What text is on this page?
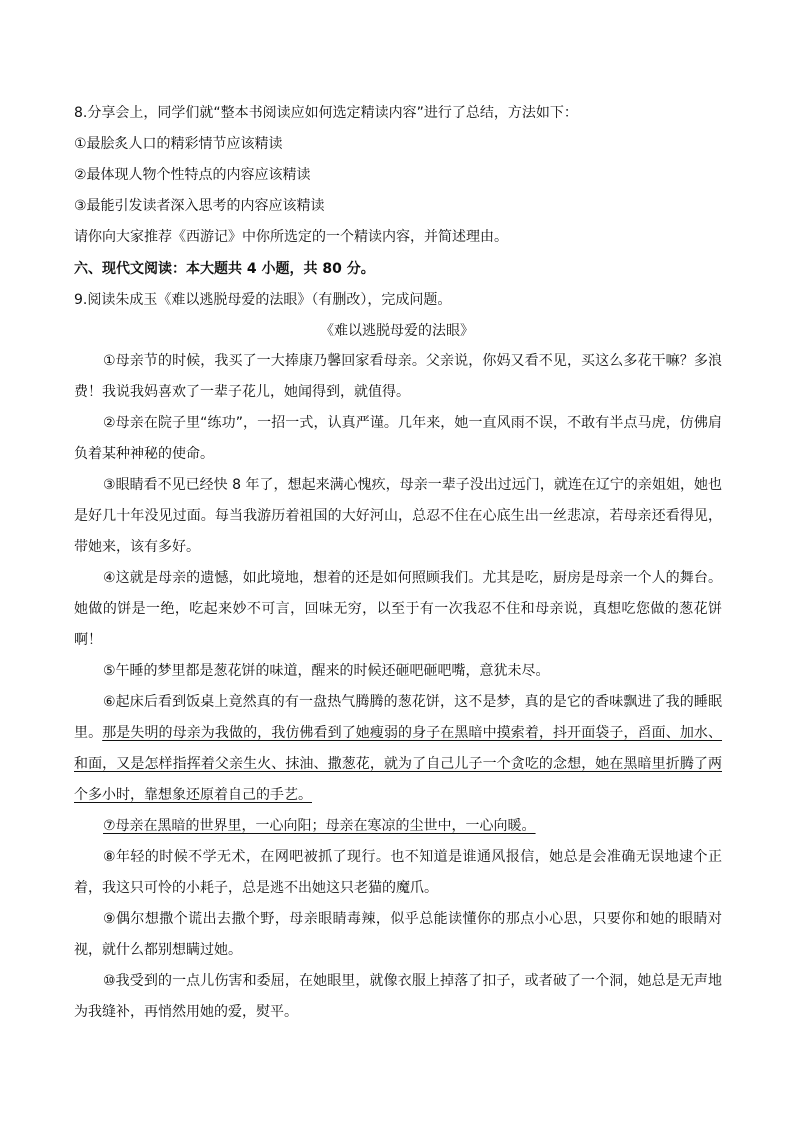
8.分享会上，同学们就“整本书阅读应如何选定精读内容”进行了总结，方法如下：
①最脍炙人口的精彩情节应该精读
②最体现人物个性特点的内容应该精读
③最能引发读者深入思考的内容应该精读
请你向大家推荐《西游记》中你所选定的一个精读内容，并简述理由。
六、现代文阅读：本大题共 4 小题，共 80 分。
9.阅读朱成玉《难以逃脱母爱的法眼》（有删改），完成问题。
《难以逃脱母爱的法眼》
①母亲节的时候，我买了一大捧康乃馨回家看母亲。父亲说，你妈又看不见，买这么多花干嘛？多浪费！我说我妈喜欢了一辈子花儿，她闻得到，就值得。
②母亲在院子里“练功”，一招一式，认真严谨。几年来，她一直风雨不误，不敢有半点马虎，仿佛肩负着某种神秘的使命。
③眼睛看不见已经快 8 年了，想起来满心愧疚，母亲一辈子没出过远门，就连在辽宁的亲姐姐，她也是好几十年没见过面。每当我游历着祖国的大好河山，总忍不住在心底生出一丝悲凉，若母亲还看得见，带她来，该有多好。
④这就是母亲的遗憾，如此境地，想着的还是如何照顾我们。尤其是吃，厨房是母亲一个人的舞台。她做的饼是一绝，吃起来妙不可言，回味无穷，以至于有一次我忍不住和母亲说，真想吃您做的葱花饼啊！
⑤午睡的梦里都是葱花饼的味道，醒来的时候还砸吧砸吧嘴，意犹未尽。
⑥起床后看到饭桌上竟然真的有一盘热气腾腾的葱花饼，这不是梦，真的是它的香味飘进了我的睡眠里。那是失明的母亲为我做的，我仿佛看到了她瘦弱的身子在黑暗中摸索着，抖开面袋子，舀面、加水、和面，又是怎样指挥着父亲生火、抹油、撒葱花，就为了自己儿子一个贪吃的念想，她在黑暗里折腾了两个多小时，靠想象还原着自己的手艺。
⑦母亲在黑暗的世界里，一心向阳；母亲在寒凉的尘世中，一心向暖。
⑧年轻的时候不学无术，在网吧被抓了现行。也不知道是谁通风报信，她总是会准确无误地逮个正着，我这只可怜的小耗子，总是逃不出她这只老猫的魔爪。
⑨偶尔想撒个谎出去撒个野，母亲眼睛毒辣，似乎总能读懂你的那点小心思，只要你和她的眼睛对视，就什么都别想瞒过她。
⑩我受到的一点儿伤害和委屈，在她眼里，就像衣服上掉落了扣子，或者破了一个洞，她总是无声地为我缝补，再悄然用她的爱，熨平。
